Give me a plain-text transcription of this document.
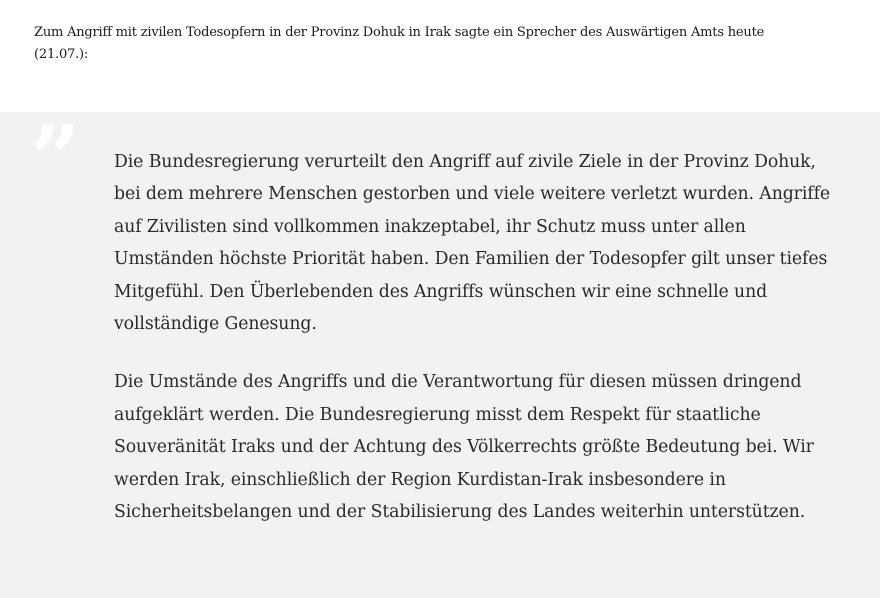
Zum Angriff mit zivilen Todesopfern in der Provinz Dohuk in Irak sagte ein Sprecher des Auswärtigen Amts heute (21.07.):

” Die Bundesregierung verurteilt den Angriff auf zivile Ziele in der Provinz Dohuk, bei dem mehrere Menschen gestorben und viele weitere verletzt wurden. Angriffe auf Zivilisten sind vollkommen inakzeptabel, ihr Schutz muss unter allen Umständen höchste Priorität haben. Den Familien der Todesopfer gilt unser tiefes Mitgefühl. Den Überlebenden des Angriffs wünschen wir eine schnelle und vollständige Genesung.

Die Umstände des Angriffs und die Verantwortung für diesen müssen dringend  aufgeklärt werden. Die Bundesregierung misst dem Respekt für staatliche Souveränität Iraks und der Achtung des Völkerrechts größte Bedeutung bei. Wir werden Irak, einschließlich der Region Kurdistan-Irak insbesondere in Sicherheitsbelangen und der Stabilisierung des Landes weiterhin unterstützen.
